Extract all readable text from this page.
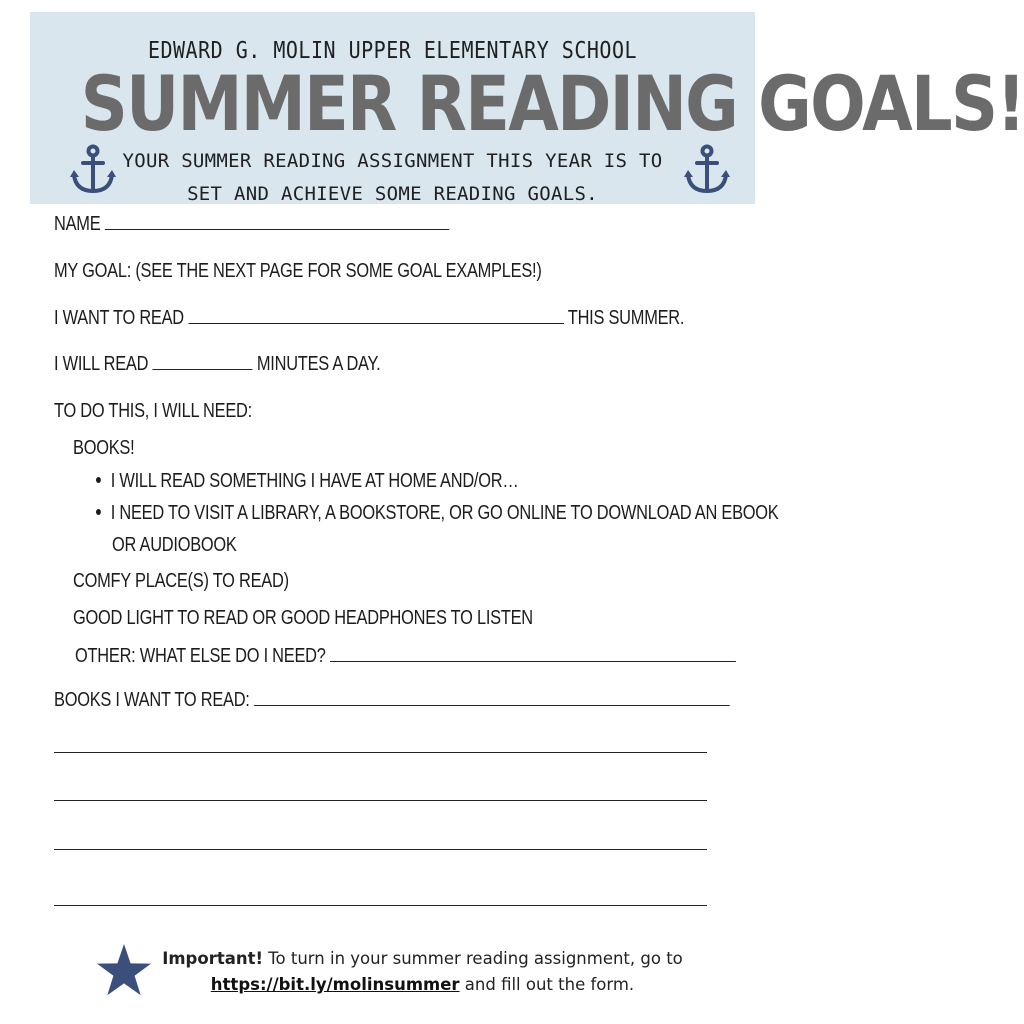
EDWARD G. MOLIN UPPER ELEMENTARY SCHOOL
SUMMER READING GOALS!
YOUR SUMMER READING ASSIGNMENT THIS YEAR IS TO
SET AND ACHIEVE SOME READING GOALS.
NAME
MY GOAL: (SEE THE NEXT PAGE FOR SOME GOAL EXAMPLES!)
I WANT TO READ	THIS SUMMER.
I WILL READ	MINUTES A DAY.
TO DO THIS, I WILL NEED:
BOOKS!
I WILL READ SOMETHING I HAVE AT HOME AND/OR…
I NEED TO VISIT A LIBRARY, A BOOKSTORE, OR GO ONLINE TO DOWNLOAD AN EBOOK
OR AUDIOBOOK
COMFY PLACE(S) TO READ)
GOOD LIGHT TO READ OR GOOD HEADPHONES TO LISTEN
OTHER: WHAT ELSE DO I NEED?
BOOKS I WANT TO READ:
Important! To turn in your summer reading assignment, go to
https://bit.ly/molinsummer and fill out the form.
